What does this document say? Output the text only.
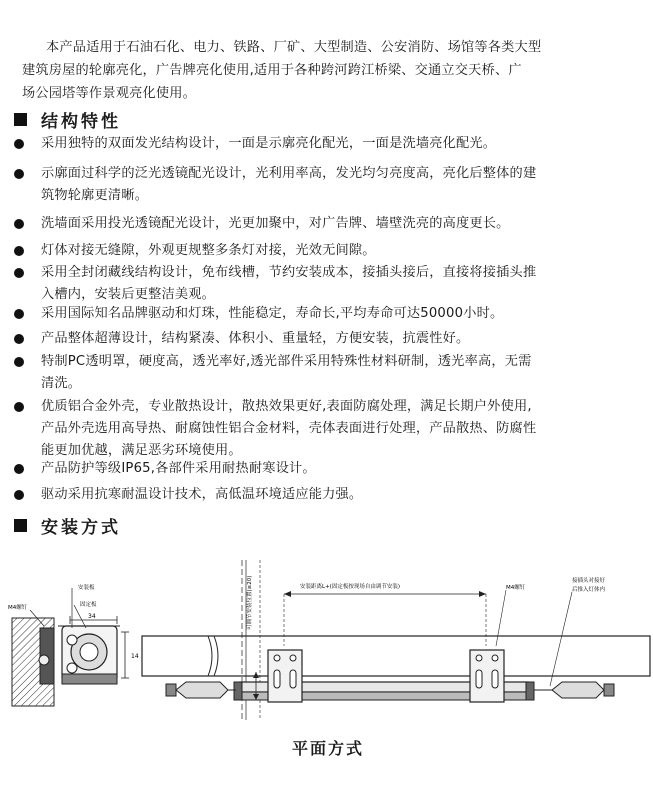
本产品适用于石油石化、电力、铁路、厂矿、大型制造、公安消防、场馆等各类大型
建筑房屋的轮廓亮化，广告牌亮化使用,适用于各种跨河跨江桥梁、交通立交天桥、广
场公园塔等作景观亮化使用。

结构特性
采用独特的双面发光结构设计，一面是示廓亮化配光，一面是洗墙亮化配光。
示廓面过科学的泛光透镜配光设计，光利用率高，发光均匀亮度高，亮化后整体的建
筑物轮廓更清晰。
洗墙面采用投光透镜配光设计，光更加聚中，对广告牌、墙壁洗亮的高度更长。
灯体对接无缝隙，外观更规整多条灯对接，光效无间隙。
采用全封闭藏线结构设计，免布线槽，节约安装成本，接插头接后，直接将接插头推
入槽内，安装后更整洁美观。
采用国际知名品牌驱动和灯珠，性能稳定，寿命长,平均寿命可达50000小时。
产品整体超薄设计，结构紧凑、体积小、重量轻，方便安装，抗震性好。
特制PC透明罩，硬度高，透光率好,透光部件采用特殊性材料研制，透光率高，无需
清洗。
优质铝合金外壳，专业散热设计，散热效果更好,表面防腐处理，满足长期户外使用,
产品外壳选用高导热、耐腐蚀性铝合金材料，壳体表面进行处理，产品散热、防腐性
能更加优越，满足恶劣环境使用。
产品防护等级IP65,各部件采用耐热耐寒设计。
驱动采用抗寒耐温设计技术，高低温环境适应能力强。
安装方式
M4螺钉
安装板
固定板
34
14
安装距离L+(固定板按现场自由调节安装)
可调节安装位置(≥20)	M4螺钉
接插头对接好
后推入灯体内
平面方式
